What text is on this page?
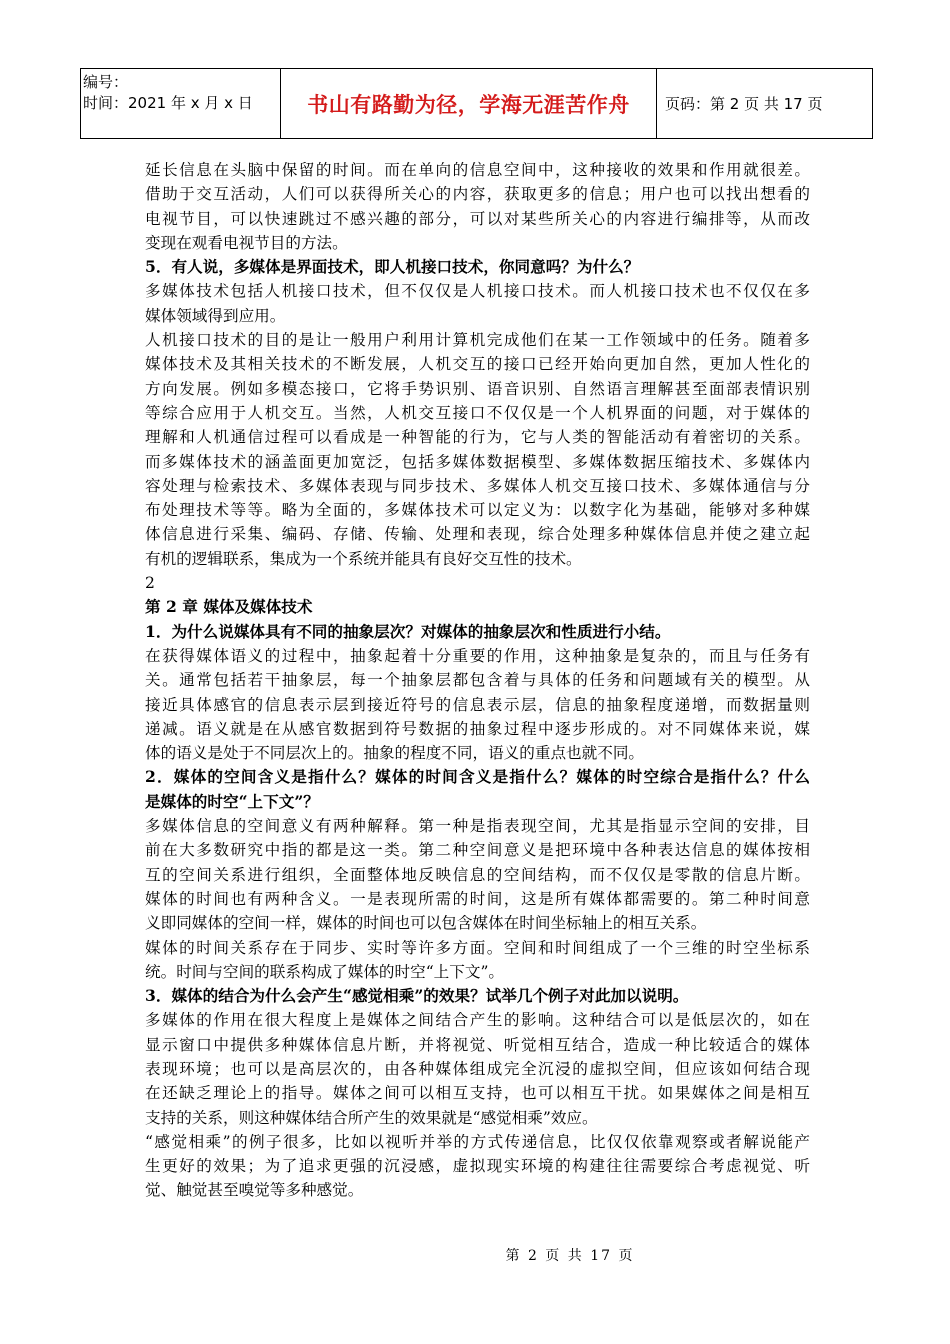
编号：
时间：2021 年 x 月 x 日	书山有路勤为径，学海无涯苦作舟 页码：第 2 页 共 17 页
延长信息在头脑中保留的时间。而在单向的信息空间中，这种接收的效果和作用就很差。
借助于交互活动，人们可以获得所关心的内容，获取更多的信息；用户也可以找出想看的
电视节目，可以快速跳过不感兴趣的部分，可以对某些所关心的内容进行编排等，从而改
变现在观看电视节目的方法。
5．有人说，多媒体是界面技术，即人机接口技术，你同意吗？为什么？
多媒体技术包括人机接口技术，但不仅仅是人机接口技术。而人机接口技术也不仅仅在多
媒体领域得到应用。
人机接口技术的目的是让一般用户利用计算机完成他们在某一工作领域中的任务。随着多
媒体技术及其相关技术的不断发展，人机交互的接口已经开始向更加自然，更加人性化的
方向发展。例如多模态接口，它将手势识别、语音识别、自然语言理解甚至面部表情识别
等综合应用于人机交互。当然，人机交互接口不仅仅是一个人机界面的问题，对于媒体的
理解和人机通信过程可以看成是一种智能的行为，它与人类的智能活动有着密切的关系。
而多媒体技术的涵盖面更加宽泛，包括多媒体数据模型、多媒体数据压缩技术、多媒体内
容处理与检索技术、多媒体表现与同步技术、多媒体人机交互接口技术、多媒体通信与分
布处理技术等等。略为全面的，多媒体技术可以定义为：以数字化为基础，能够对多种媒
体信息进行采集、编码、存储、传输、处理和表现，综合处理多种媒体信息并使之建立起
有机的逻辑联系，集成为一个系统并能具有良好交互性的技术。
2
第 2 章 媒体及媒体技术
1．为什么说媒体具有不同的抽象层次？对媒体的抽象层次和性质进行小结。
在获得媒体语义的过程中，抽象起着十分重要的作用，这种抽象是复杂的，而且与任务有
关。通常包括若干抽象层，每一个抽象层都包含着与具体的任务和问题域有关的模型。从
接近具体感官的信息表示层到接近符号的信息表示层，信息的抽象程度递增，而数据量则
递减。语义就是在从感官数据到符号数据的抽象过程中逐步形成的。对不同媒体来说，媒
体的语义是处于不同层次上的。抽象的程度不同，语义的重点也就不同。
2．媒体的空间含义是指什么？媒体的时间含义是指什么？媒体的时空综合是指什么？什么
是媒体的时空“上下文”？
多媒体信息的空间意义有两种解释。第一种是指表现空间，尤其是指显示空间的安排，目
前在大多数研究中指的都是这一类。第二种空间意义是把环境中各种表达信息的媒体按相
互的空间关系进行组织，全面整体地反映信息的空间结构，而不仅仅是零散的信息片断。
媒体的时间也有两种含义。一是表现所需的时间，这是所有媒体都需要的。第二种时间意
义即同媒体的空间一样，媒体的时间也可以包含媒体在时间坐标轴上的相互关系。
媒体的时间关系存在于同步、实时等许多方面。空间和时间组成了一个三维的时空坐标系
统。时间与空间的联系构成了媒体的时空“上下文”。
3．媒体的结合为什么会产生“感觉相乘”的效果？试举几个例子对此加以说明。
多媒体的作用在很大程度上是媒体之间结合产生的影响。这种结合可以是低层次的，如在
显示窗口中提供多种媒体信息片断，并将视觉、听觉相互结合，造成一种比较适合的媒体
表现环境；也可以是高层次的，由各种媒体组成完全沉浸的虚拟空间，但应该如何结合现
在还缺乏理论上的指导。媒体之间可以相互支持，也可以相互干扰。如果媒体之间是相互
支持的关系，则这种媒体结合所产生的效果就是“感觉相乘”效应。
“感觉相乘”的例子很多，比如以视听并举的方式传递信息，比仅仅依靠观察或者解说能产
生更好的效果；为了追求更强的沉浸感，虚拟现实环境的构建往往需要综合考虑视觉、听
觉、触觉甚至嗅觉等多种感觉。
第 2 页 共 17 页
